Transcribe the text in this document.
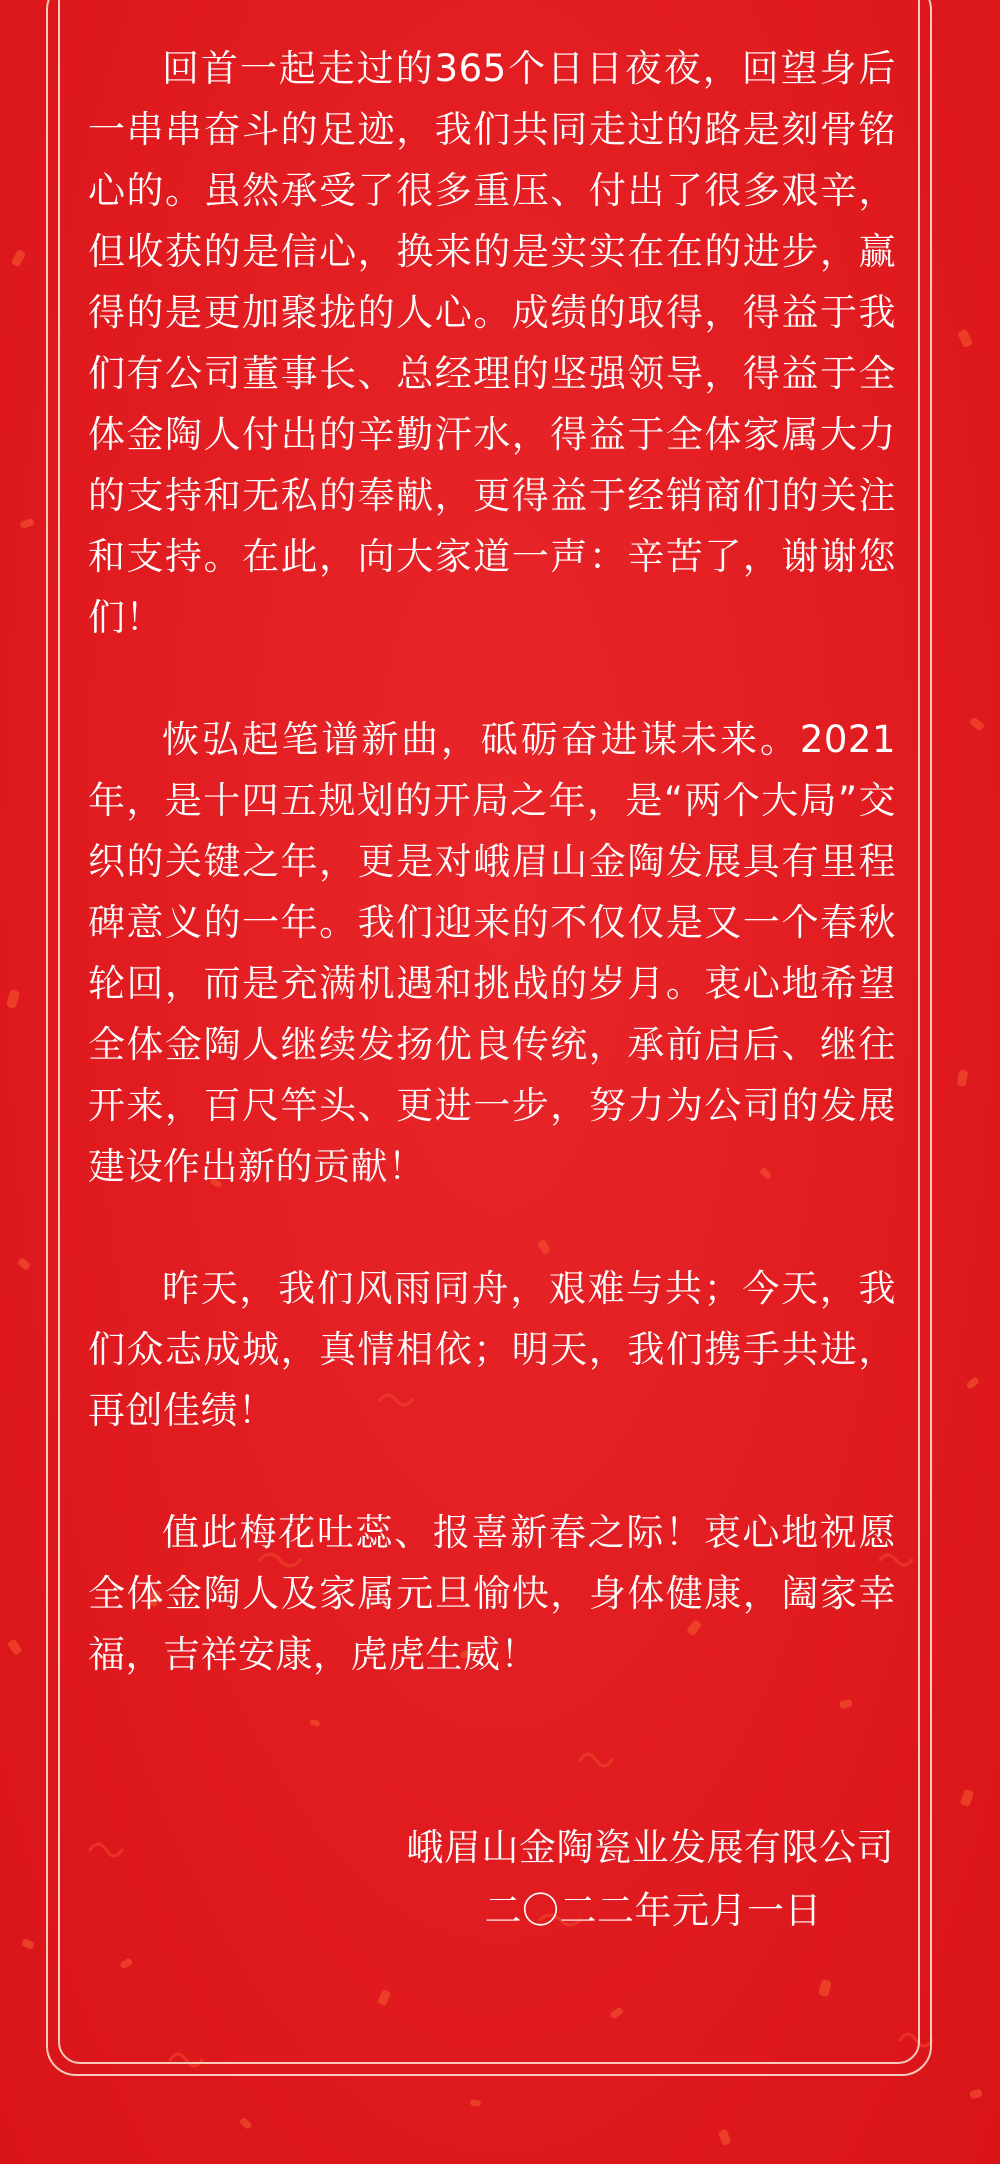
回首一起走过的365个日日夜夜，回望身后一串串奋斗的足迹，我们共同走过的路是刻骨铭心的。虽然承受了很多重压、付出了很多艰辛，但收获的是信心，换来的是实实在在的进步，赢得的是更加聚拢的人心。成绩的取得，得益于我们有公司董事长、总经理的坚强领导，得益于全体金陶人付出的辛勤汗水，得益于全体家属大力的支持和无私的奉献，更得益于经销商们的关注和支持。在此，向大家道一声：辛苦了，谢谢您们！

恢弘起笔谱新曲，砥砺奋进谋未来。2021年，是十四五规划的开局之年，是“两个大局”交织的关键之年，更是对峨眉山金陶发展具有里程碑意义的一年。我们迎来的不仅仅是又一个春秋轮回，而是充满机遇和挑战的岁月。衷心地希望全体金陶人继续发扬优良传统，承前启后、继往开来，百尺竿头、更进一步，努力为公司的发展建设作出新的贡献！

昨天，我们风雨同舟，艰难与共；今天，我们众志成城，真情相依；明天，我们携手共进，再创佳绩！

值此梅花吐蕊、报喜新春之际！衷心地祝愿全体金陶人及家属元旦愉快，身体健康，阖家幸福，吉祥安康，虎虎生威！

峨眉山金陶瓷业发展有限公司
二〇二二年元月一日
